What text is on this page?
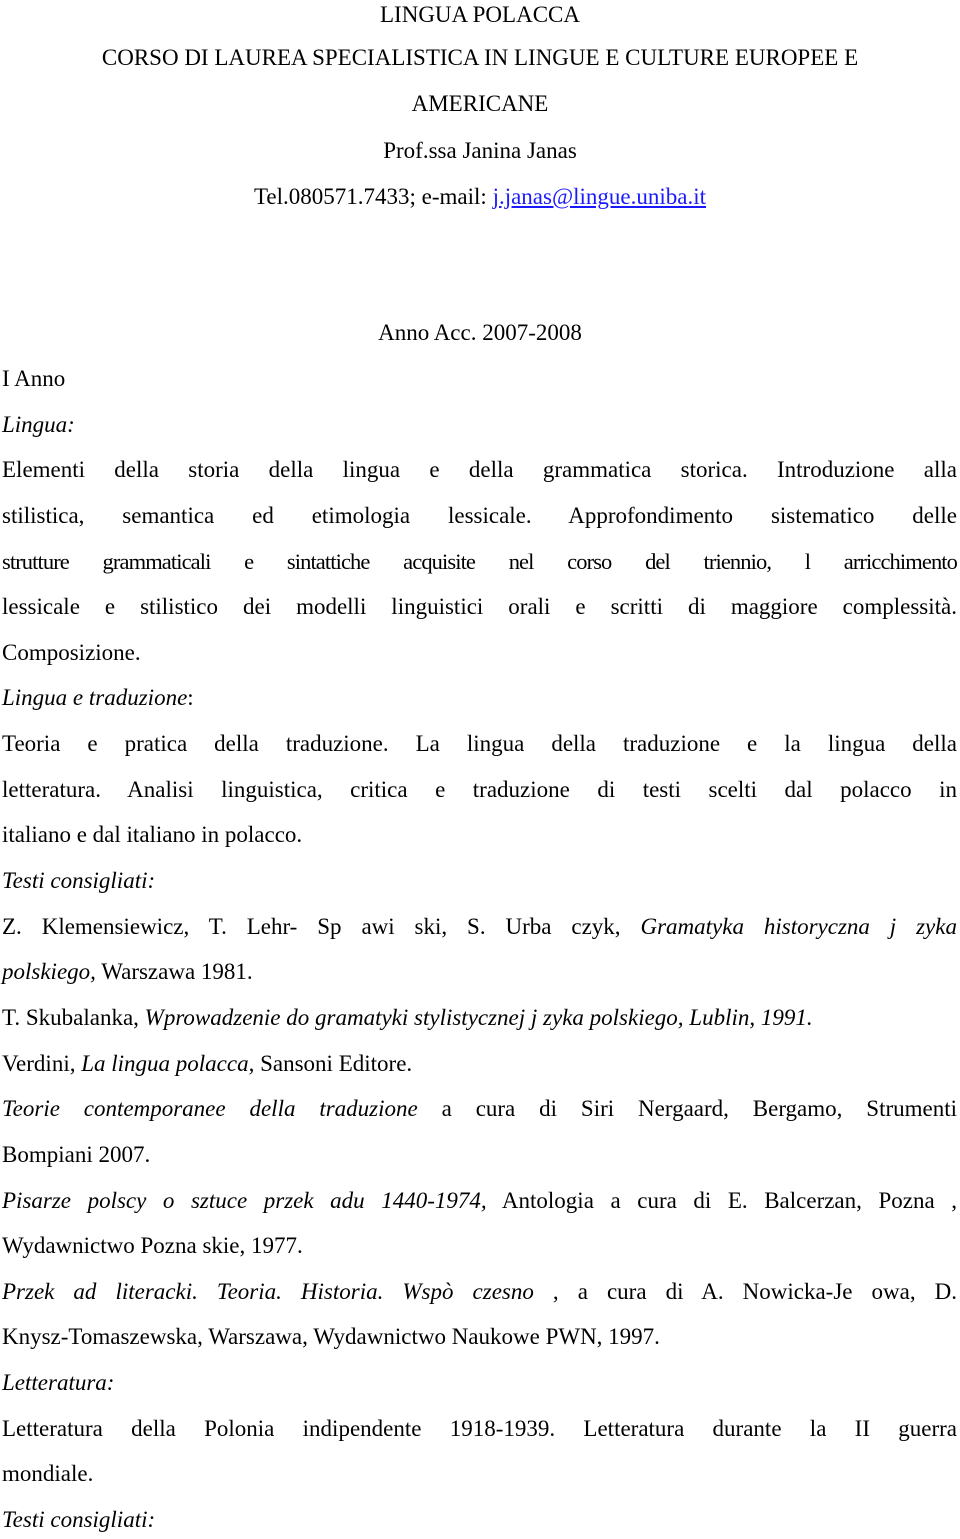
LINGUA POLACCA
CORSO DI LAUREA SPECIALISTICA IN LINGUE E CULTURE EUROPEE E
AMERICANE
Prof.ssa Janina Janas
Tel.080571.7433; e-mail: j.janas@lingue.uniba.it
Anno Acc. 2007-2008
I Anno
Lingua:
Elementi della storia della lingua e della grammatica storica. Introduzione alla
stilistica, semantica ed etimologia lessicale. Approfondimento sistematico delle
strutture grammaticali e sintattiche acquisite nel corso del triennio, l arricchimento
lessicale e stilistico dei modelli linguistici orali e scritti di maggiore complessità.
Composizione.
Lingua e traduzione:
Teoria e pratica della traduzione. La lingua della traduzione e la lingua della
letteratura. Analisi linguistica, critica e traduzione di testi scelti dal polacco in
italiano e dal italiano in polacco.
Testi consigliati:
Z. Klemensiewicz, T. Lehr- Sp awi ski, S. Urba czyk, Gramatyka historyczna j zyka
polskiego, Warszawa 1981.
T. Skubalanka, Wprowadzenie do gramatyki stylistycznej j zyka polskiego, Lublin, 1991.
Verdini, La lingua polacca, Sansoni Editore.
Teorie contemporanee della traduzione a cura di Siri Nergaard, Bergamo, Strumenti
Bompiani 2007.
Pisarze polscy o sztuce przek adu 1440-1974, Antologia a cura di E. Balcerzan, Pozna ,
Wydawnictwo Pozna skie, 1977.
Przek ad literacki. Teoria. Historia. Wspò czesno , a cura di A. Nowicka-Je owa, D.
Knysz-Tomaszewska, Warszawa, Wydawnictwo Naukowe PWN, 1997.
Letteratura:
Letteratura della Polonia indipendente 1918-1939. Letteratura durante la II guerra
mondiale.
Testi consigliati:
